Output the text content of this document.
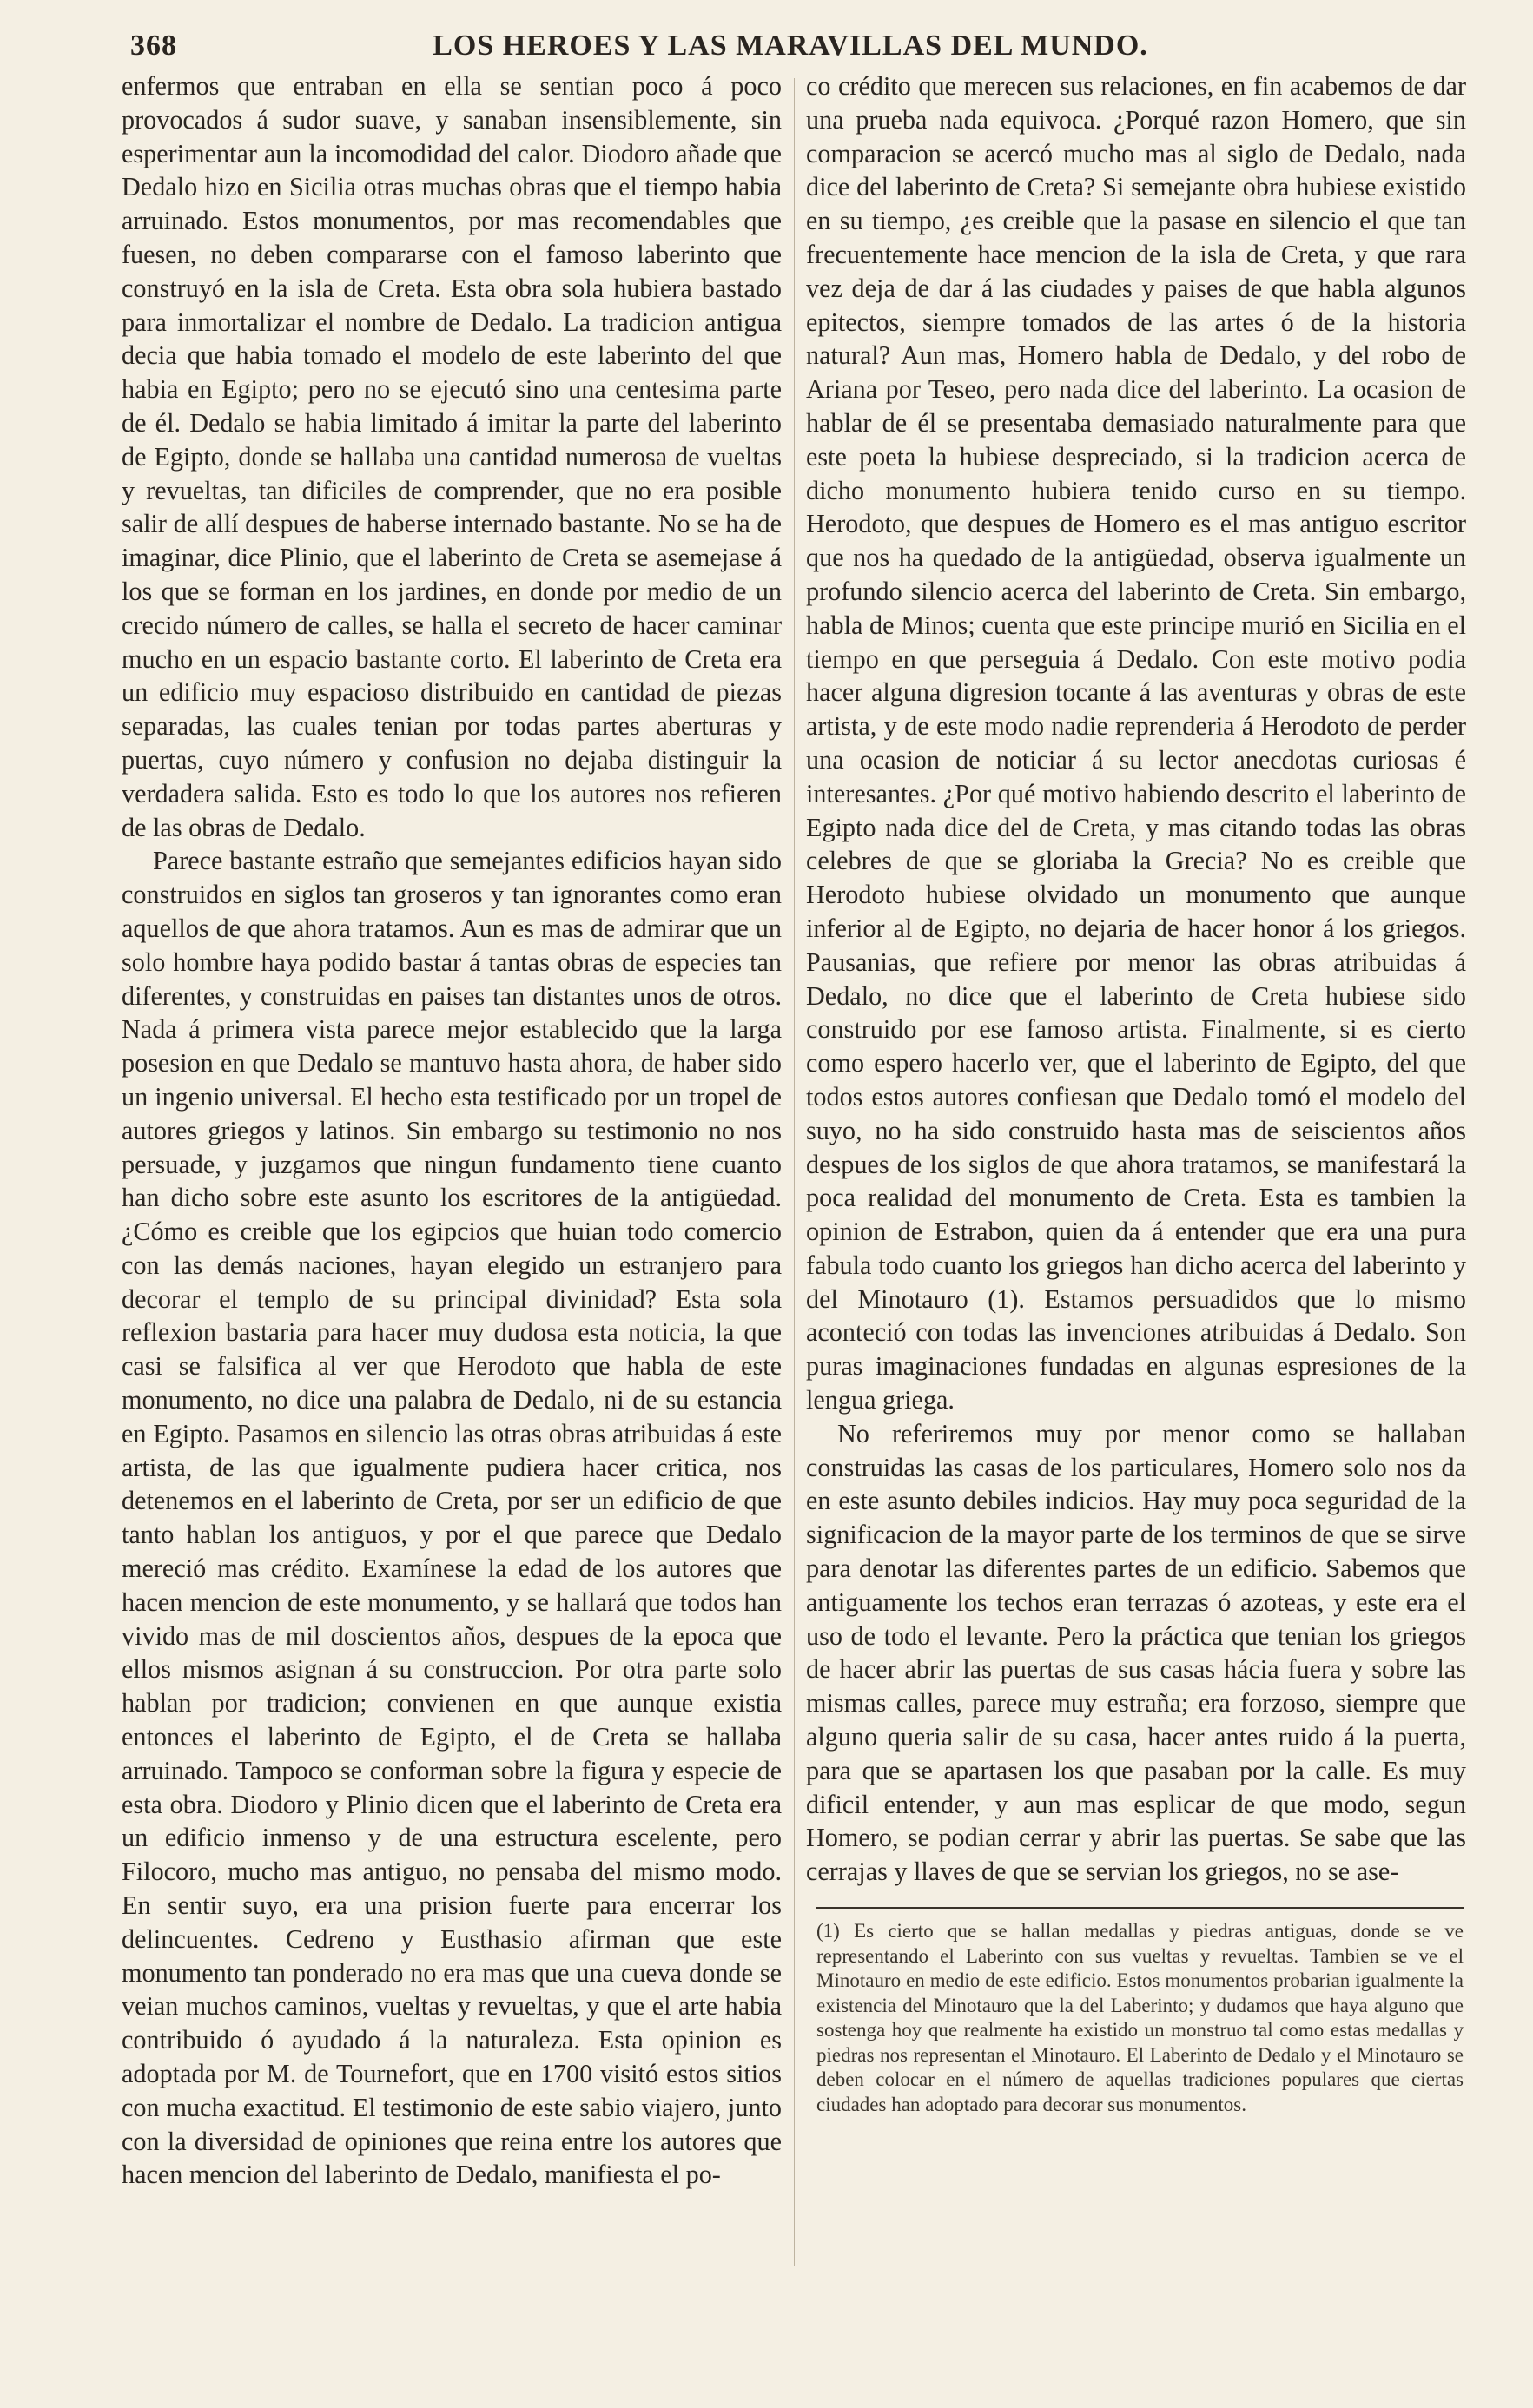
368	LOS HEROES Y LAS MARAVILLAS DEL MUNDO.

enfermos que entraban en ella se sentian poco á poco provocados á sudor suave, y sanaban insensiblemente, sin esperimentar aun la incomodidad del calor. Diodoro añade que Dedalo hizo en Sicilia otras muchas obras que el tiempo habia arruinado. Estos monumentos, por mas recomendables que fuesen, no deben compararse con el famoso laberinto que construyó en la isla de Creta. Esta obra sola hubiera bastado para inmortalizar el nombre de Dedalo. La tradicion antigua decia que habia tomado el modelo de este laberinto del que habia en Egipto; pero no se ejecutó sino una centesima parte de él. Dedalo se habia limitado á imitar la parte del laberinto de Egipto, donde se hallaba una cantidad numerosa de vueltas y revueltas, tan dificiles de comprender, que no era posible salir de allí despues de haberse internado bastante. No se ha de imaginar, dice Plinio, que el laberinto de Creta se asemejase á los que se forman en los jardines, en donde por medio de un crecido número de calles, se halla el secreto de hacer caminar mucho en un espacio bastante corto. El laberinto de Creta era un edificio muy espacioso distribuido en cantidad de piezas separadas, las cuales tenian por todas partes aberturas y puertas, cuyo número y confusion no dejaba distinguir la verdadera salida. Esto es todo lo que los autores nos refieren de las obras de Dedalo.

Parece bastante estraño que semejantes edificios hayan sido construidos en siglos tan groseros y tan ignorantes como eran aquellos de que ahora tratamos. Aun es mas de admirar que un solo hombre haya podido bastar á tantas obras de especies tan diferentes, y construidas en paises tan distantes unos de otros. Nada á primera vista parece mejor establecido que la larga posesion en que Dedalo se mantuvo hasta ahora, de haber sido un ingenio universal. El hecho esta testificado por un tropel de autores griegos y latinos. Sin embargo su testimonio no nos persuade, y juzgamos que ningun fundamento tiene cuanto han dicho sobre este asunto los escritores de la antigüedad. ¿Cómo es creible que los egipcios que huian todo comercio con las demás naciones, hayan elegido un estranjero para decorar el templo de su principal divinidad? Esta sola reflexion bastaria para hacer muy dudosa esta noticia, la que casi se falsifica al ver que Herodoto que habla de este monumento, no dice una palabra de Dedalo, ni de su estancia en Egipto. Pasamos en silencio las otras obras atribuidas á este artista, de las que igualmente pudiera hacer critica, nos detenemos en el laberinto de Creta, por ser un edificio de que tanto hablan los antiguos, y por el que parece que Dedalo mereció mas crédito. Examínese la edad de los autores que hacen mencion de este monumento, y se hallará que todos han vivido mas de mil doscientos años, despues de la epoca que ellos mismos asignan á su construccion. Por otra parte solo hablan por tradicion; convienen en que aunque existia entonces el laberinto de Egipto, el de Creta se hallaba arruinado. Tampoco se conforman sobre la figura y especie de esta obra. Diodoro y Plinio dicen que el laberinto de Creta era un edificio inmenso y de una estructura escelente, pero Filocoro, mucho mas antiguo, no pensaba del mismo modo. En sentir suyo, era una prision fuerte para encerrar los delincuentes. Cedreno y Eusthasio afirman que este monumento tan ponderado no era mas que una cueva donde se veian muchos caminos, vueltas y revueltas, y que el arte habia contribuido ó ayudado á la naturaleza. Esta opinion es adoptada por M. de Tournefort, que en 1700 visitó estos sitios con mucha exactitud. El testimonio de este sabio viajero, junto con la diversidad de opiniones que reina entre los autores que hacen mencion del laberinto de Dedalo, manifiesta el po-

co crédito que merecen sus relaciones, en fin acabemos de dar una prueba nada equivoca. ¿Porqué razon Homero, que sin comparacion se acercó mucho mas al siglo de Dedalo, nada dice del laberinto de Creta? Si semejante obra hubiese existido en su tiempo, ¿es creible que la pasase en silencio el que tan frecuentemente hace mencion de la isla de Creta, y que rara vez deja de dar á las ciudades y paises de que habla algunos epitectos, siempre tomados de las artes ó de la historia natural? Aun mas, Homero habla de Dedalo, y del robo de Ariana por Teseo, pero nada dice del laberinto. La ocasion de hablar de él se presentaba demasiado naturalmente para que este poeta la hubiese despreciado, si la tradicion acerca de dicho monumento hubiera tenido curso en su tiempo. Herodoto, que despues de Homero es el mas antiguo escritor que nos ha quedado de la antigüedad, observa igualmente un profundo silencio acerca del laberinto de Creta. Sin embargo, habla de Minos; cuenta que este principe murió en Sicilia en el tiempo en que perseguia á Dedalo. Con este motivo podia hacer alguna digresion tocante á las aventuras y obras de este artista, y de este modo nadie reprenderia á Herodoto de perder una ocasion de noticiar á su lector anecdotas curiosas é interesantes. ¿Por qué motivo habiendo descrito el laberinto de Egipto nada dice del de Creta, y mas citando todas las obras celebres de que se gloriaba la Grecia? No es creible que Herodoto hubiese olvidado un monumento que aunque inferior al de Egipto, no dejaria de hacer honor á los griegos. Pausanias, que refiere por menor las obras atribuidas á Dedalo, no dice que el laberinto de Creta hubiese sido construido por ese famoso artista. Finalmente, si es cierto como espero hacerlo ver, que el laberinto de Egipto, del que todos estos autores confiesan que Dedalo tomó el modelo del suyo, no ha sido construido hasta mas de seiscientos años despues de los siglos de que ahora tratamos, se manifestará la poca realidad del monumento de Creta. Esta es tambien la opinion de Estrabon, quien da á entender que era una pura fabula todo cuanto los griegos han dicho acerca del laberinto y del Minotauro (1). Estamos persuadidos que lo mismo aconteció con todas las invenciones atribuidas á Dedalo. Son puras imaginaciones fundadas en algunas espresiones de la lengua griega.

No referiremos muy por menor como se hallaban construidas las casas de los particulares, Homero solo nos da en este asunto debiles indicios. Hay muy poca seguridad de la significacion de la mayor parte de los terminos de que se sirve para denotar las diferentes partes de un edificio. Sabemos que antiguamente los techos eran terrazas ó azoteas, y este era el uso de todo el levante. Pero la práctica que tenian los griegos de hacer abrir las puertas de sus casas hácia fuera y sobre las mismas calles, parece muy estraña; era forzoso, siempre que alguno queria salir de su casa, hacer antes ruido á la puerta, para que se apartasen los que pasaban por la calle. Es muy dificil entender, y aun mas esplicar de que modo, segun Homero, se podian cerrar y abrir las puertas. Se sabe que las cerrajas y llaves de que se servian los griegos, no se ase-

(1) Es cierto que se hallan medallas y piedras antiguas, donde se ve representando el Laberinto con sus vueltas y revueltas. Tambien se ve el Minotauro en medio de este edificio. Estos monumentos probarian igualmente la existencia del Minotauro que la del Laberinto; y dudamos que haya alguno que sostenga hoy que realmente ha existido un monstruo tal como estas medallas y piedras nos representan el Minotauro. El Laberinto de Dedalo y el Minotauro se deben colocar en el número de aquellas tradiciones populares que ciertas ciudades han adoptado para decorar sus monumentos.
